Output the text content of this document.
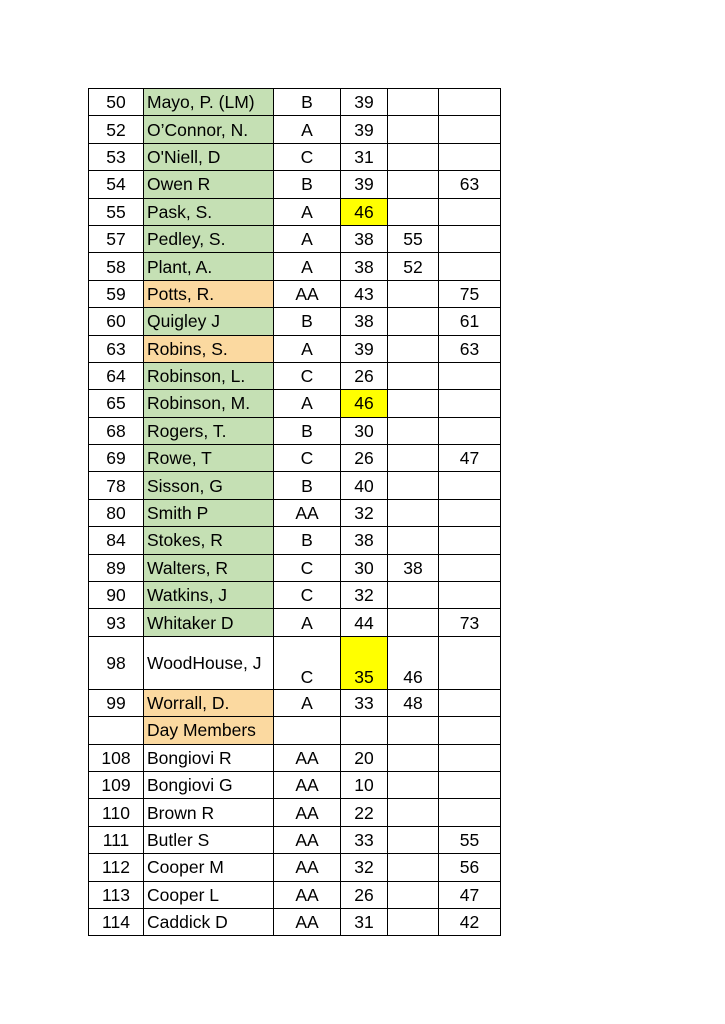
50	Mayo, P. (LM)	B	39		
52	O’Connor, N.	A	39		
53	O'Niell, D	C	31		
54	Owen R	B	39		63
55	Pask, S.	A	46		
57	Pedley, S.	A	38	55	
58	Plant, A.	A	38	52	
59	Potts, R.	AA	43		75
60	Quigley J	B	38		61
63	Robins, S.	A	39		63
64	Robinson, L.	C	26		
65	Robinson, M.	A	46		
68	Rogers, T.	B	30		
69	Rowe, T	C	26		47
78	Sisson, G	B	40		
80	Smith P	AA	32		
84	Stokes, R	B	38		
89	Walters, R	C	30	38	
90	Watkins, J	C	32		
93	Whitaker D	A	44		73
98	WoodHouse, J	C	35	46	
99	Worrall, D.	A	33	48	
	Day Members				
108	Bongiovi R	AA	20		
109	Bongiovi G	AA	10		
110	Brown R	AA	22		
111	Butler S	AA	33		55
112	Cooper M	AA	32		56
113	Cooper L	AA	26		47
114	Caddick D	AA	31		42
